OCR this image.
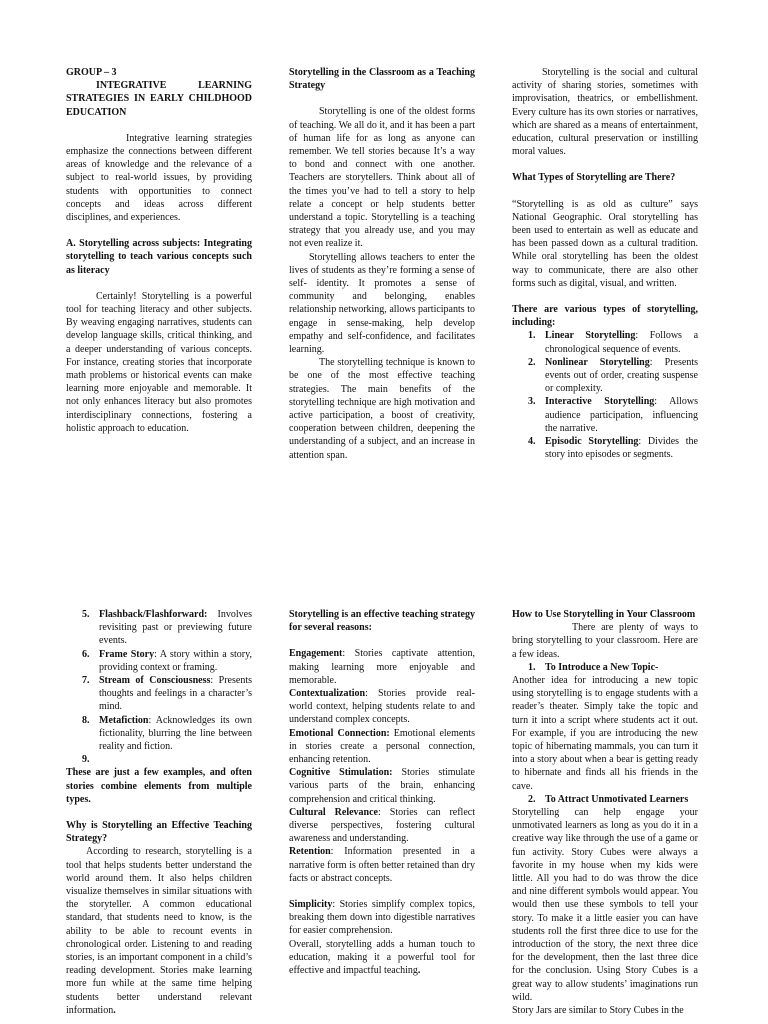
GROUP – 3

INTEGRATIVE LEARNING STRATEGIES IN EARLY CHILDHOOD EDUCATION

Integrative learning strategies emphasize the connections between different areas of knowledge and the relevance of a subject to real-world issues, by providing students with opportunities to connect concepts and ideas across different disciplines, and experiences.

A. Storytelling across subjects: Integrating storytelling to teach various concepts such as literacy

Certainly! Storytelling is a powerful tool for teaching literacy and other subjects. By weaving engaging narratives, students can develop language skills, critical thinking, and a deeper understanding of various concepts. For instance, creating stories that incorporate math problems or historical events can make learning more enjoyable and memorable. It not only enhances literacy but also promotes interdisciplinary connections, fostering a holistic approach to education.

Storytelling in the Classroom as a Teaching Strategy

Storytelling is one of the oldest forms of teaching. We all do it, and it has been a part of human life for as long as anyone can remember. We tell stories because It’s a way to bond and connect with one another. Teachers are storytellers. Think about all of the times you’ve had to tell a story to help relate a concept or help students better understand a topic. Storytelling is a teaching strategy that you already use, and you may not even realize it.

Storytelling allows teachers to enter the lives of students as they’re forming a sense of self- identity. It promotes a sense of community and belonging, enables relationship networking, allows participants to engage in sense-making, help develop empathy and self-confidence, and facilitates learning.

The storytelling technique is known to be one of the most effective teaching strategies. The main benefits of the storytelling technique are high motivation and active participation, a boost of creativity, cooperation between children, deepening the understanding of a subject, and an increase in attention span.

Storytelling is the social and cultural activity of sharing stories, sometimes with improvisation, theatrics, or embellishment. Every culture has its own stories or narratives, which are shared as a means of entertainment, education, cultural preservation or instilling moral values.

What Types of Storytelling are There?

“Storytelling is as old as culture” says National Geographic. Oral storytelling has been used to entertain as well as educate and has been passed down as a cultural tradition. While oral storytelling has been the oldest way to communicate, there are also other forms such as digital, visual, and written.

There are various types of storytelling, including:

1. Linear Storytelling: Follows a chronological sequence of events.
2. Nonlinear Storytelling: Presents events out of order, creating suspense or complexity.
3. Interactive Storytelling: Allows audience participation, influencing the narrative.
4. Episodic Storytelling: Divides the story into episodes or segments.
5. Flashback/Flashforward: Involves revisiting past or previewing future events.
6. Frame Story: A story within a story, providing context or framing.
7. Stream of Consciousness: Presents thoughts and feelings in a character’s mind.
8. Metafiction: Acknowledges its own fictionality, blurring the line between reality and fiction.
9.

These are just a few examples, and often stories combine elements from multiple types.

Why is Storytelling an Effective Teaching Strategy?

According to research, storytelling is a tool that helps students better understand the world around them. It also helps children visualize themselves in similar situations with the storyteller. A common educational standard, that students need to know, is the ability to be able to recount events in chronological order. Listening to and reading stories, is an important component in a child’s reading development. Stories make learning more fun while at the same time helping students better understand relevant information.

Storytelling is an effective teaching strategy for several reasons:

Engagement: Stories captivate attention, making learning more enjoyable and memorable.

Contextualization: Stories provide real-world context, helping students relate to and understand complex concepts.

Emotional Connection: Emotional elements in stories create a personal connection, enhancing retention.

Cognitive Stimulation: Stories stimulate various parts of the brain, enhancing comprehension and critical thinking.

Cultural Relevance: Stories can reflect diverse perspectives, fostering cultural awareness and understanding.

Retention: Information presented in a narrative form is often better retained than dry facts or abstract concepts.

Simplicity: Stories simplify complex topics, breaking them down into digestible narratives for easier comprehension.

Overall, storytelling adds a human touch to education, making it a powerful tool for effective and impactful teaching.

How to Use Storytelling in Your Classroom

There are plenty of ways to bring storytelling to your classroom. Here are a few ideas.

1. To Introduce a New Topic-

Another idea for introducing a new topic using storytelling is to engage students with a reader’s theater. Simply take the topic and turn it into a script where students act it out. For example, if you are introducing the new topic of hibernating mammals, you can turn it into a story about when a bear is getting ready to hibernate and finds all his friends in the cave.

2. To Attract Unmotivated Learners

Storytelling can help engage your unmotivated learners as long as you do it in a creative way like through the use of a game or fun activity. Story Cubes were always a favorite in my house when my kids were little. All you had to do was throw the dice and nine different symbols would appear. You would then use these symbols to tell your story. To make it a little easier you can have students roll the first three dice to use for the introduction of the story, the next three dice for the development, then the last three dice for the conclusion. Using Story Cubes is a great way to allow students’ imaginations run wild.

Story Jars are similar to Story Cubes in the
